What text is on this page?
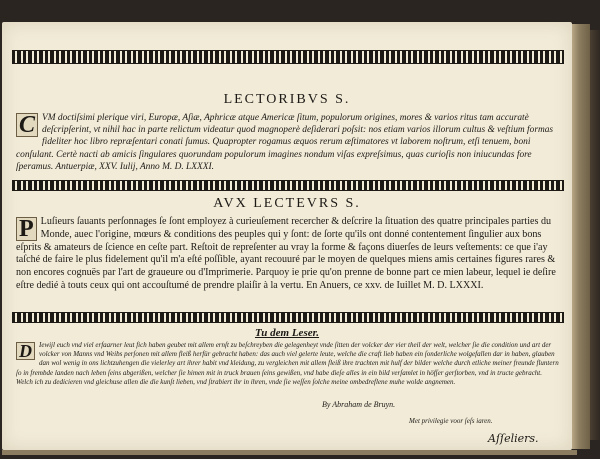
LECTORIBVS S.

C VM doctiſsimi plerique viri, Europæ, Aſiæ, Aphricæ atque Americæ ſitum, populorum origines, mores & varios ritus tam accuratè deſcripſerint, vt nihil hac in parte relictum videatur quod magnoperè deſiderari poſsit: nos etiam varios illorum cultus & veſtium formas fideliter hoc libro repræſentari conati ſumus. Quapropter rogamus æquos rerum æſtimatores vt laborem noſtrum, etſi tenuem, boni conſulant. Certè nacti ab amicis ſingulares quorundam populorum imagines nondum viſas expreſsimus, quas curioſis non iniucundas fore ſperamus. Antuerpiæ, XXV. Iulij, Anno M. D. LXXXI.

AVX LECTEVRS S.

P Luſieurs ſauants perſonnages ſe ſont employez à curieuſement recercher & deſcrire la ſituation des quatre principales parties du Monde, auec l'origine, mœurs & conditions des peuples qui y ſont: de ſorte qu'ils ont donné contentement ſingulier aux bons eſprits & amateurs de ſcience en ceſte part. Reſtoit de repreſenter au vray la forme & façons diuerſes de leurs veſtements: ce que i'ay taſché de faire le plus fidelement qu'il m'a eſté poſſible, ayant recouuré par le moyen de quelques miens amis certaines figures rares & non encores cognuës par l'art de graueure ou d'Imprimerie. Parquoy ie prie qu'on prenne de bonne part ce mien labeur, lequel ie deſire eſtre dedié à touts ceux qui ont accouſtumé de prendre plaiſir à la vertu. En Anuers, ce xxv. de Iuillet M. D. LXXXI.

Tu dem Leser.

D	Iewijl euch vnd viel erfaarner leut fich haben geubet mit allem ernſt zu beſchreyben die gelegenheyt vnde ſitten der volcker der vier theil der welt, welcher ſie die condition und art der volcker von Manns vnd Weibs perſonen mit allem fleiß herfür gebracht haben: das auch viel gelerte leute, welche die craft lieb haben ein ſonderliche wolgefallen dar in haben, glauben dan wol wenig in ons lichtzuhengen die vielerley art ihrer habit vnd kleidung, zu vergleichen mit allem fleiß ihre trachten mit hulf der bilder welche durch etliche meiner freunde fluntern ſo in frembde landen nach leben ſeins abgerißen, welcher ſie himen mit in truck brauen ſeins gewißen, vnd habe dieſe alles in ein bild verſamlet in höfſer gerſtorben, vnd in tructe gebracht. Welch ich zu dedicieren vnd gleichuse allen die die kunſt lieben, vnd ſtrabiert ihr in ihren, vnde ſie weſſen ſolche meine ombedreflene muhe wolde angnemen.

By Abraham de Bruyn.
Met privilegie voor ſeſs iaren.
Aſſeliers.
